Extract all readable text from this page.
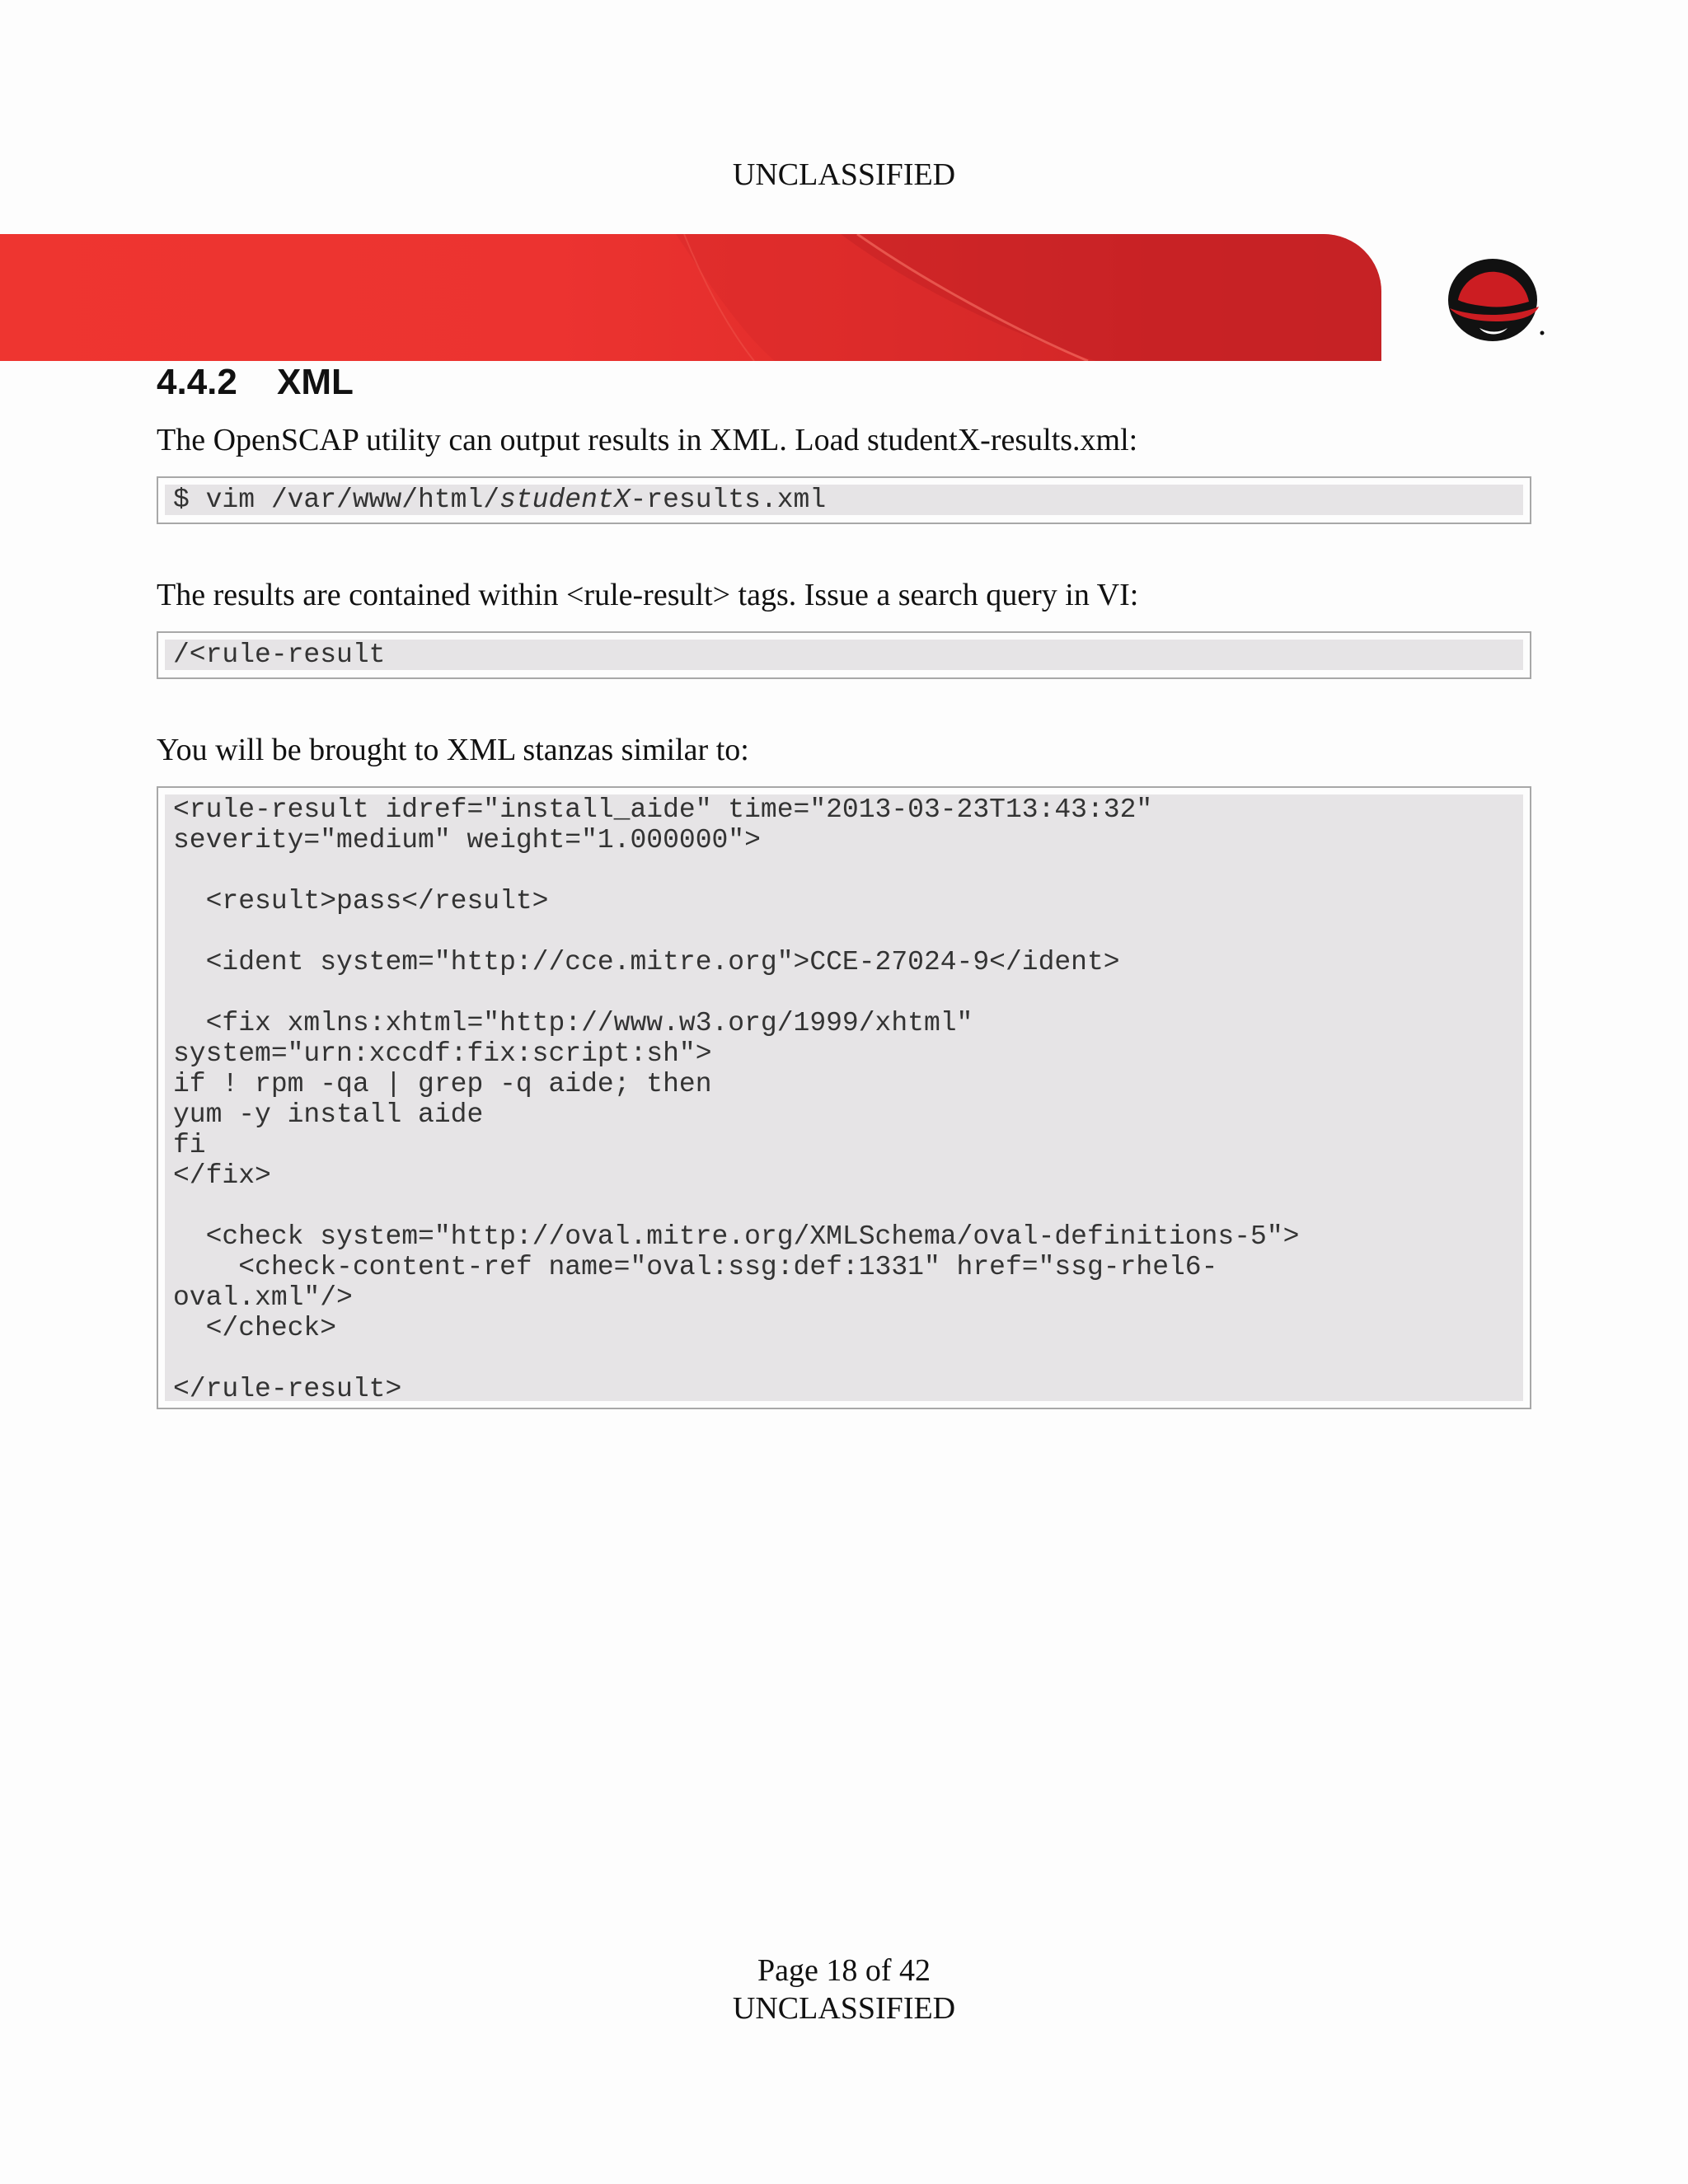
UNCLASSIFIED
4.4.2 XML
The OpenSCAP utility can output results in XML. Load studentX-results.xml:
$ vim /var/www/html/studentX-results.xml
The results are contained within <rule-result> tags. Issue a search query in VI:
/<rule-result
You will be brought to XML stanzas similar to:
<rule-result idref="install_aide" time="2013-03-23T13:43:32"
severity="medium" weight="1.000000">

<result>pass</result>

<ident system="http://cce.mitre.org">CCE-27024-9</ident>

<fix xmlns:xhtml="http://www.w3.org/1999/xhtml"
system="urn:xccdf:fix:script:sh">
if ! rpm -qa | grep -q aide; then
yum -y install aide
fi
</fix>

<check system="http://oval.mitre.org/XMLSchema/oval-definitions-5">
<check-content-ref name="oval:ssg:def:1331" href="ssg-rhel6-
oval.xml"/>
</check>

</rule-result>
Page 18 of 42
UNCLASSIFIED
